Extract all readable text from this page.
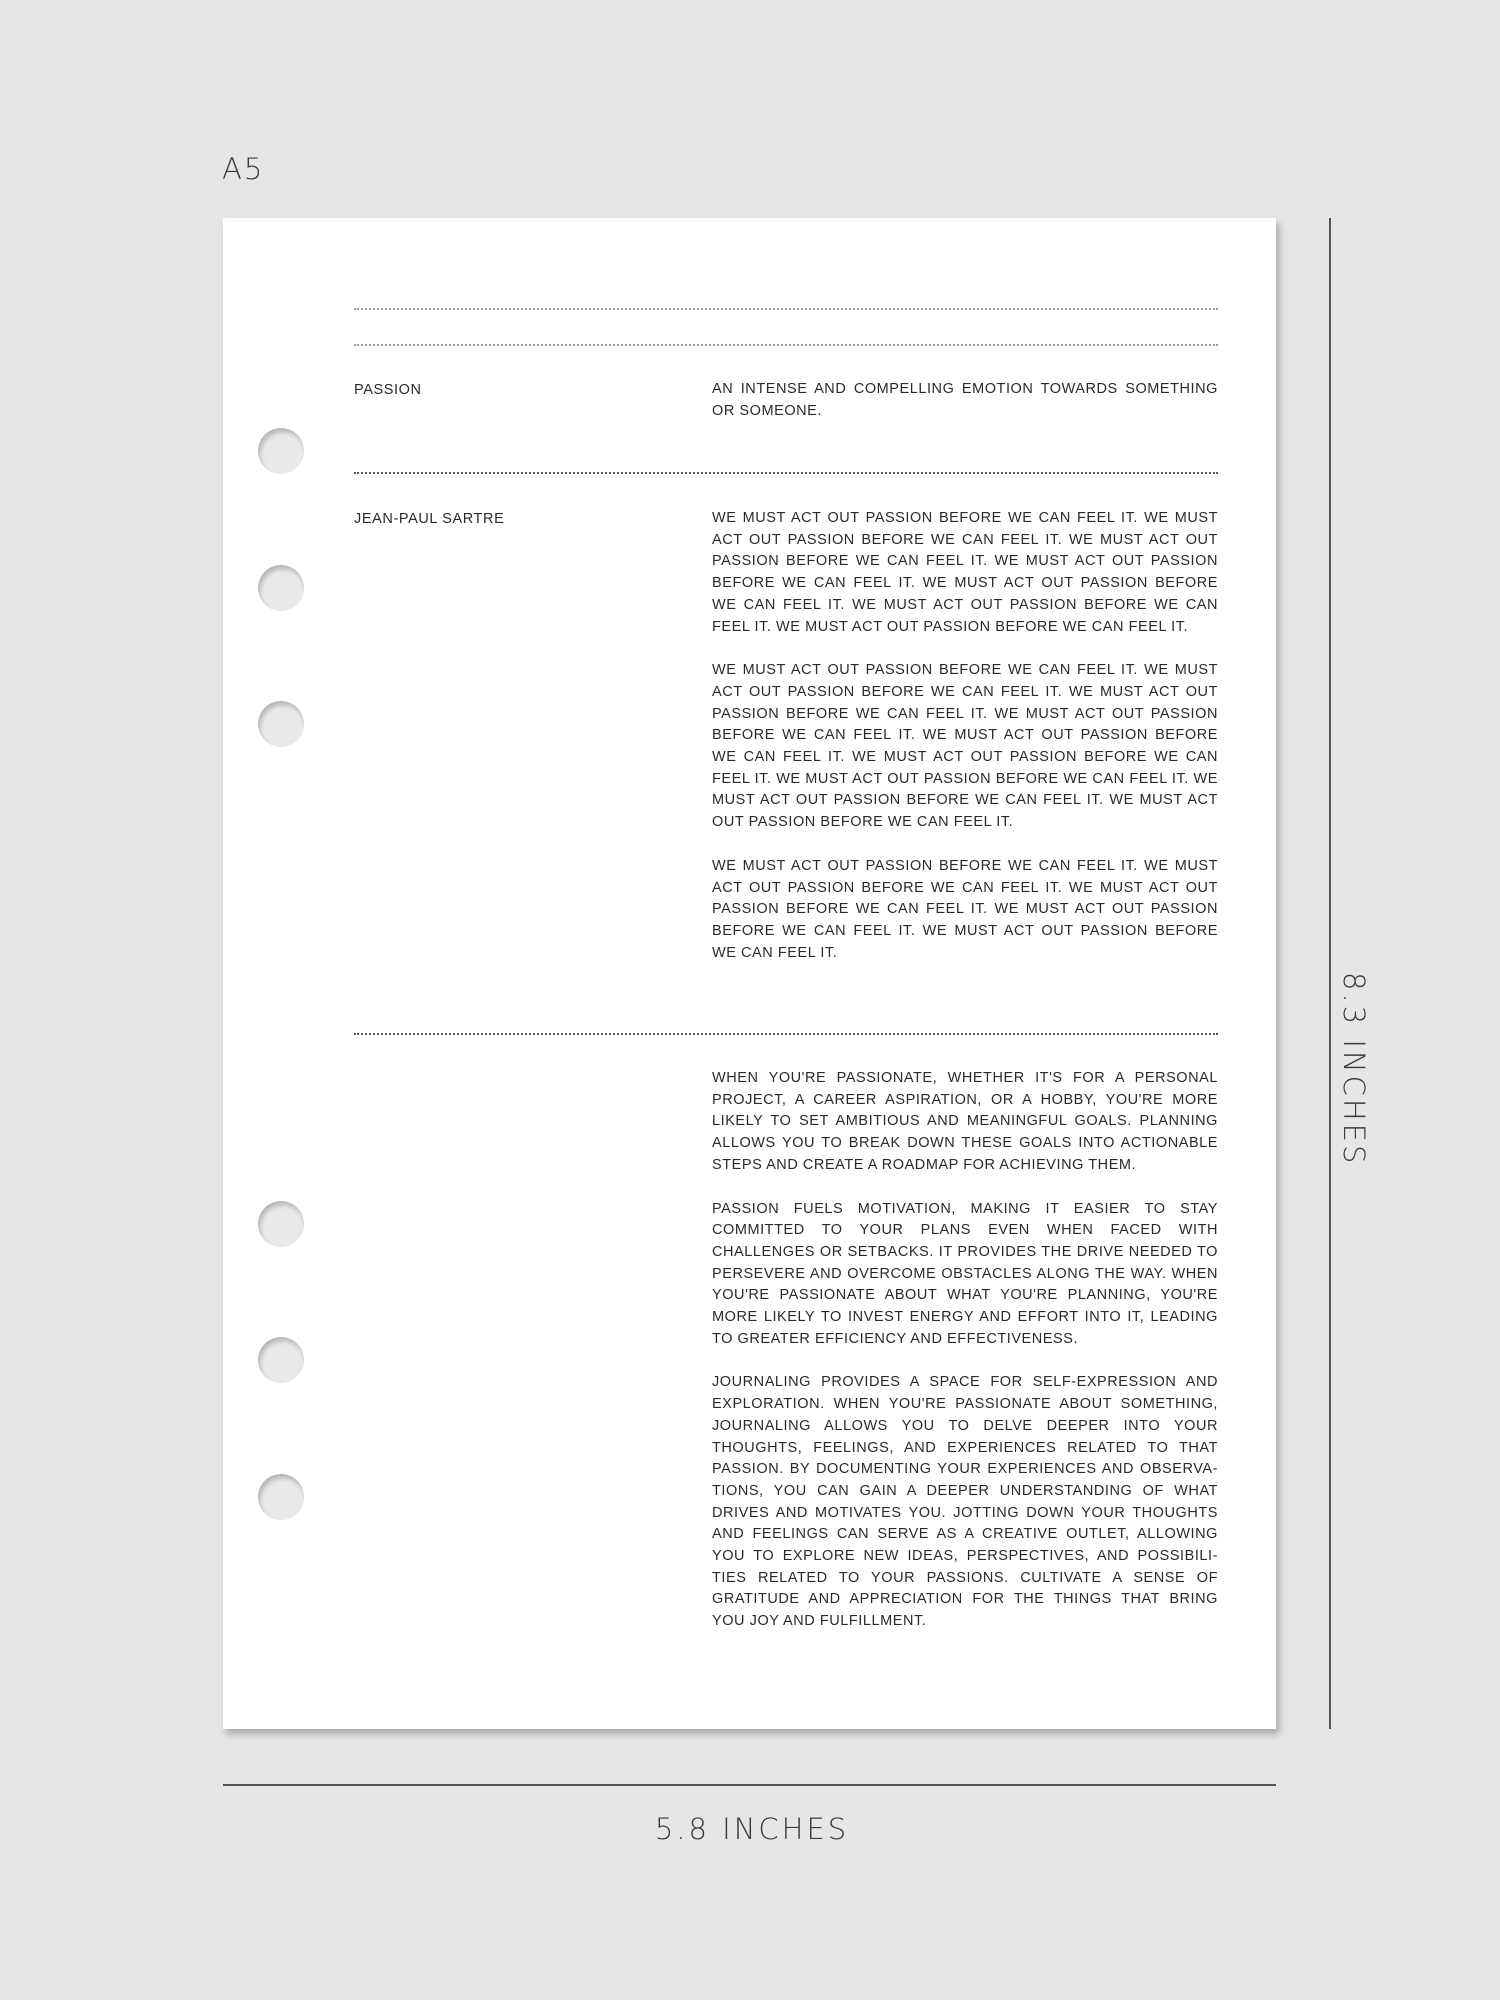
A5
PASSION	AN INTENSE AND COMPELLING EMOTION TOWARDS SOMETHING OR SOMEONE.

JEAN-PAUL SARTRE	WE MUST ACT OUT PASSION BEFORE WE CAN FEEL IT. WE MUST ACT OUT PASSION BEFORE WE CAN FEEL IT. WE MUST ACT OUT PASSION BEFORE WE CAN FEEL IT. WE MUST ACT OUT PASSION BEFORE WE CAN FEEL IT. WE MUST ACT OUT PASSION BEFORE WE CAN FEEL IT. WE MUST ACT OUT PASSION BEFORE WE CAN FEEL IT. WE MUST ACT OUT PASSION BEFORE WE CAN FEEL IT.

WE MUST ACT OUT PASSION BEFORE WE CAN FEEL IT. WE MUST ACT OUT PASSION BEFORE WE CAN FEEL IT. WE MUST ACT OUT PASSION BEFORE WE CAN FEEL IT. WE MUST ACT OUT PASSION BEFORE WE CAN FEEL IT. WE MUST ACT OUT PASSION BEFORE WE CAN FEEL IT. WE MUST ACT OUT PASSION BEFORE WE CAN FEEL IT. WE MUST ACT OUT PASSION BEFORE WE CAN FEEL IT. WE MUST ACT OUT PASSION BEFORE WE CAN FEEL IT. WE MUST ACT OUT PASSION BEFORE WE CAN FEEL IT.

WE MUST ACT OUT PASSION BEFORE WE CAN FEEL IT. WE MUST ACT OUT PASSION BEFORE WE CAN FEEL IT. WE MUST ACT OUT PASSION BEFORE WE CAN FEEL IT. WE MUST ACT OUT PASSION BEFORE WE CAN FEEL IT. WE MUST ACT OUT PASSION BEFORE WE CAN FEEL IT.

WHEN YOU'RE PASSIONATE, WHETHER IT'S FOR A PERSONAL PROJECT, A CAREER ASPIRATION, OR A HOBBY, YOU'RE MORE LIKELY TO SET AMBITIOUS AND MEANINGFUL GOALS. PLANNING ALLOWS YOU TO BREAK DOWN THESE GOALS INTO ACTIONABLE STEPS AND CREATE A ROADMAP FOR ACHIEVING THEM.

PASSION FUELS MOTIVATION, MAKING IT EASIER TO STAY COMMITTED TO YOUR PLANS EVEN WHEN FACED WITH CHALLENGES OR SETBACKS. IT PROVIDES THE DRIVE NEEDED TO PERSEVERE AND OVERCOME OBSTACLES ALONG THE WAY. WHEN YOU'RE PASSIONATE ABOUT WHAT YOU'RE PLANNING, YOU'RE MORE LIKELY TO INVEST ENERGY AND EFFORT INTO IT, LEADING TO GREATER EFFICIENCY AND EFFECTIVENESS.

JOURNALING PROVIDES A SPACE FOR SELF-EXPRESSION AND EXPLORATION. WHEN YOU'RE PASSIONATE ABOUT SOMETHING, JOURNALING ALLOWS YOU TO DELVE DEEPER INTO YOUR THOUGHTS, FEELINGS, AND EXPERIENCES RELATED TO THAT PASSION. BY DOCUMENTING YOUR EXPERIENCES AND OBSERVA-TIONS, YOU CAN GAIN A DEEPER UNDERSTANDING OF WHAT DRIVES AND MOTIVATES YOU. JOTTING DOWN YOUR THOUGHTS AND FEELINGS CAN SERVE AS A CREATIVE OUTLET, ALLOWING YOU TO EXPLORE NEW IDEAS, PERSPECTIVES, AND POSSIBILI-TIES RELATED TO YOUR PASSIONS. CULTIVATE A SENSE OF GRATITUDE AND APPRECIATION FOR THE THINGS THAT BRING YOU JOY AND FULFILLMENT.

8.3 INCHES
5.8 INCHES
